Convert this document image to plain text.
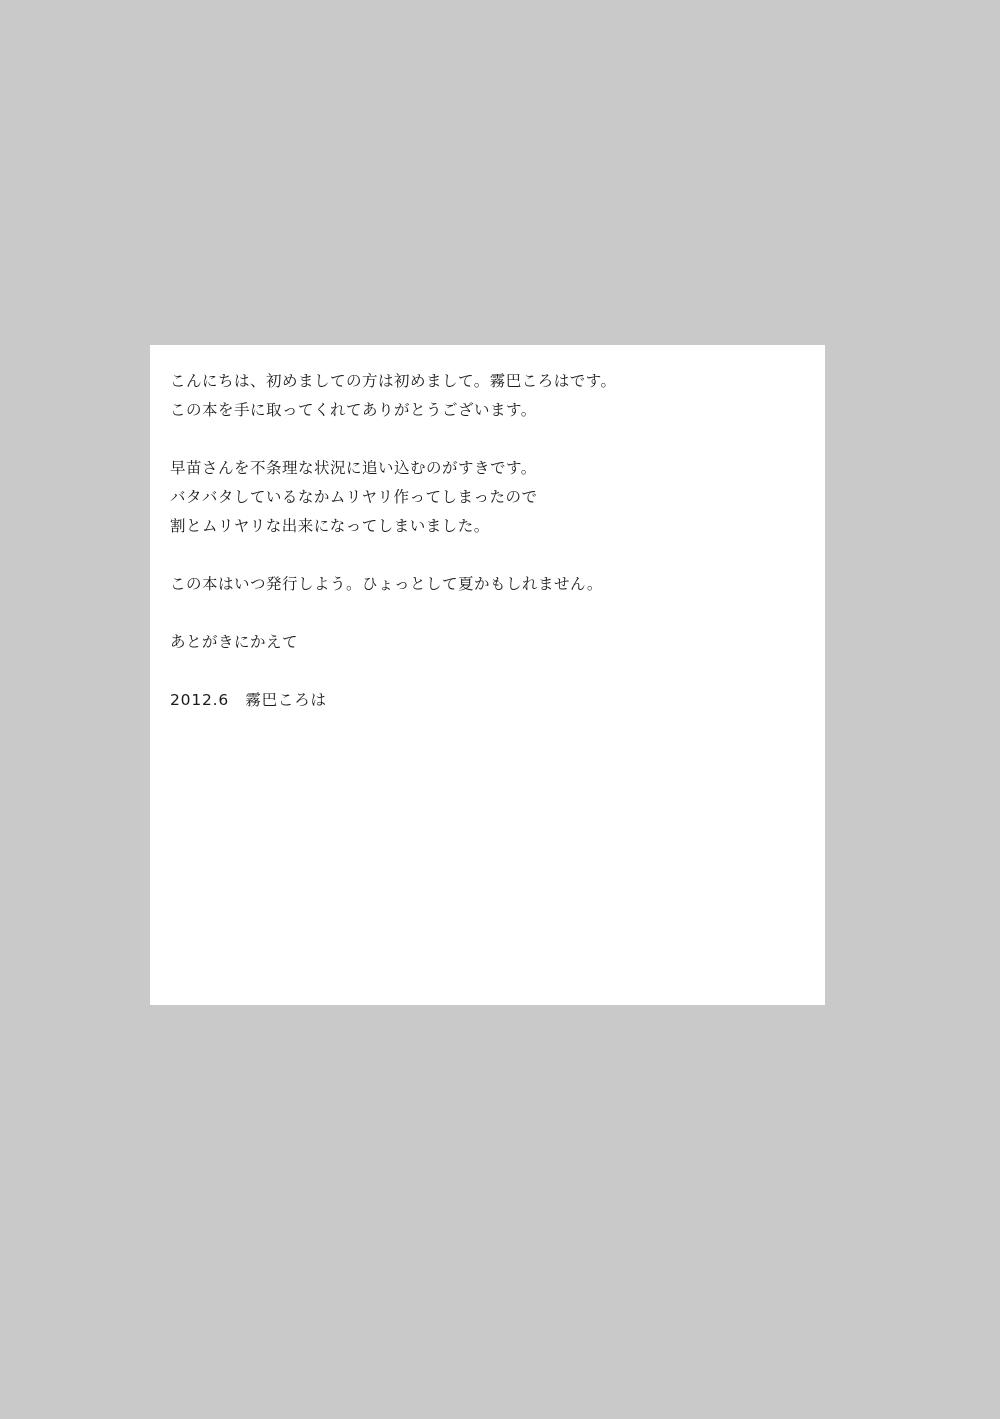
こんにちは、初めましての方は初めまして。霧巴ころはです。
この本を手に取ってくれてありがとうございます。
早苗さんを不条理な状況に追い込むのがすきです。
バタバタしているなかムリヤリ作ってしまったので
割とムリヤリな出来になってしまいました。
この本はいつ発行しよう。ひょっとして夏かもしれません。
あとがきにかえて
2012.6　霧巴ころは
